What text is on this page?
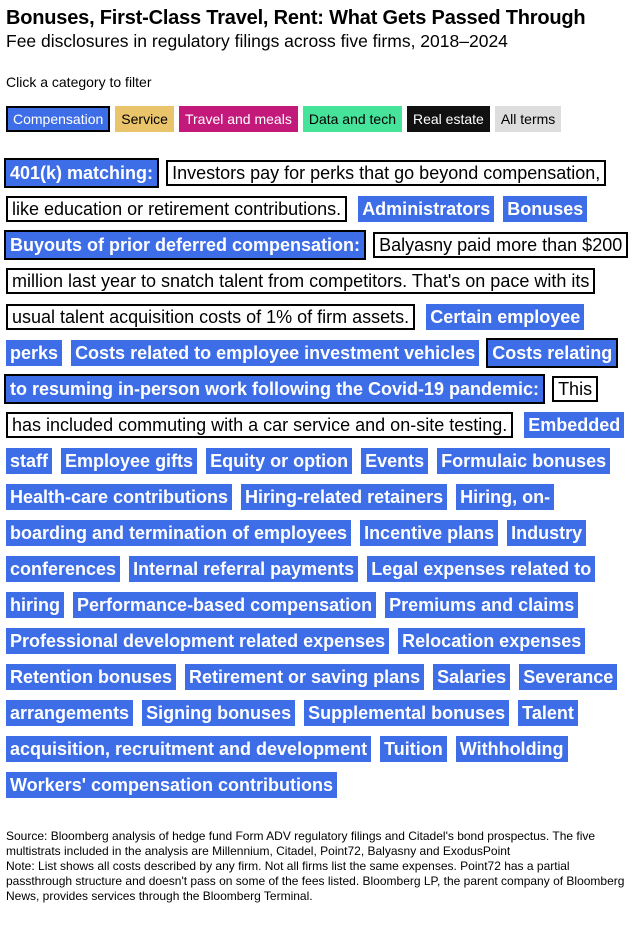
Bonuses, First-Class Travel, Rent: What Gets Passed Through
Fee disclosures in regulatory filings across five firms, 2018–2024
Click a category to filter
Compensation	Service	Travel and meals	Data and tech	Real estate	All terms
401(k) matching: Investors pay for perks that go beyond compensation, like education or retirement contributions. Administrators Bonuses Buyouts of prior deferred compensation: Balyasny paid more than $200 million last year to snatch talent from competitors. That's on pace with its usual talent acquisition costs of 1% of firm assets. Certain employee perks Costs related to employee investment vehicles Costs relating to resuming in-person work following the Covid-19 pandemic: This has included commuting with a car service and on-site testing. Embedded staff Employee gifts Equity or option Events Formulaic bonuses Health-care contributions Hiring-related retainers Hiring, on-boarding and termination of employees Incentive plans Industry conferences Internal referral payments Legal expenses related to hiring Performance-based compensation Premiums and claims Professional development related expenses Relocation expenses Retention bonuses Retirement or saving plans Salaries Severance arrangements Signing bonuses Supplemental bonuses Talent acquisition, recruitment and development Tuition Withholding Workers' compensation contributions
Source: Bloomberg analysis of hedge fund Form ADV regulatory filings and Citadel's bond prospectus. The five multistrats included in the analysis are Millennium, Citadel, Point72, Balyasny and ExodusPoint
Note: List shows all costs described by any firm. Not all firms list the same expenses. Point72 has a partial passthrough structure and doesn't pass on some of the fees listed. Bloomberg LP, the parent company of Bloomberg News, provides services through the Bloomberg Terminal.
